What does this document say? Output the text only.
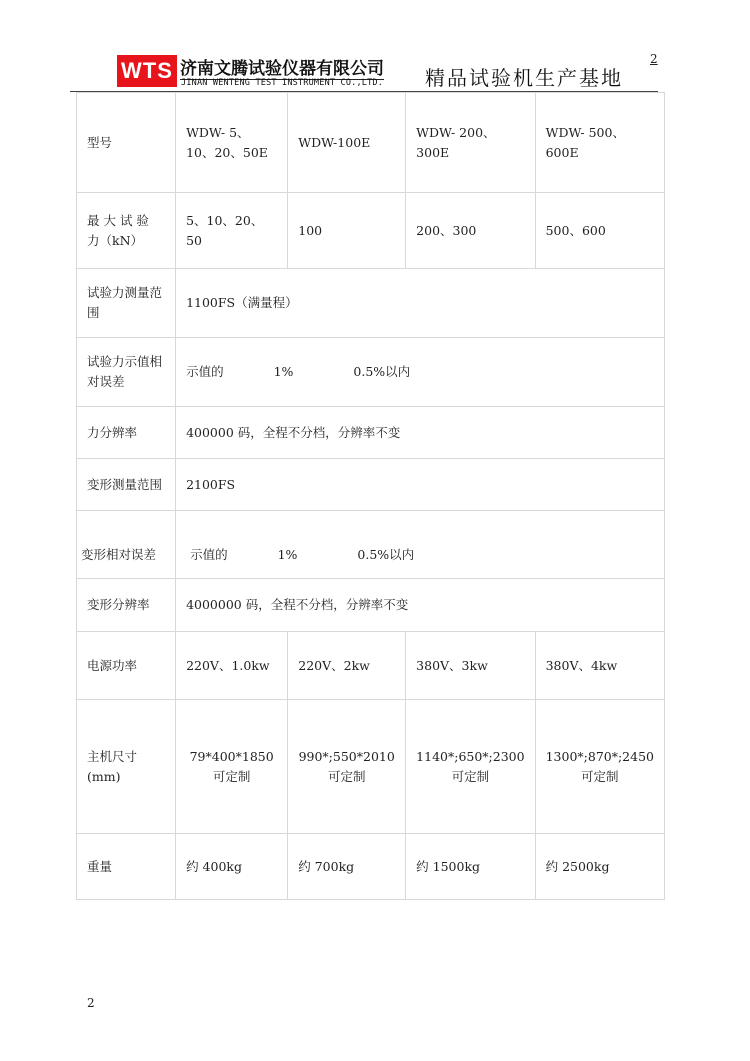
WTS 济南文腾试验仪器有限公司
JINAN WENTENG TEST INSTRUMENT CO.,LTD. 精品试验机生产基地
2
型号	WDW- 5、10、20、50E	WDW-100E	WDW- 200、300E	WDW- 500、600E
最 大 试 验 力（kN）	5、10、20、50	100	200、300	500、600
试验力测量范围	1100FS（满量程）			
试验力示值相对误差	示值的 1% 0.5%以内			
力分辨率	400000 码，全程不分档，分辨率不变			
变形测量范围	2100FS			
变形相对误差	示值的 1% 0.5%以内			
变形分辨率	4000000 码，全程不分档，分辨率不变			
电源功率	220V、1.0kw	220V、2kw	380V、3kw	380V、4kw
主机尺寸(mm)	79*400*1850 可定制	990*;550*2010 可定制	1140*;650*;2300 可定制	1300*;870*;2450 可定制
重量	约 400kg	约 700kg	约 1500kg	约 2500kg
2
